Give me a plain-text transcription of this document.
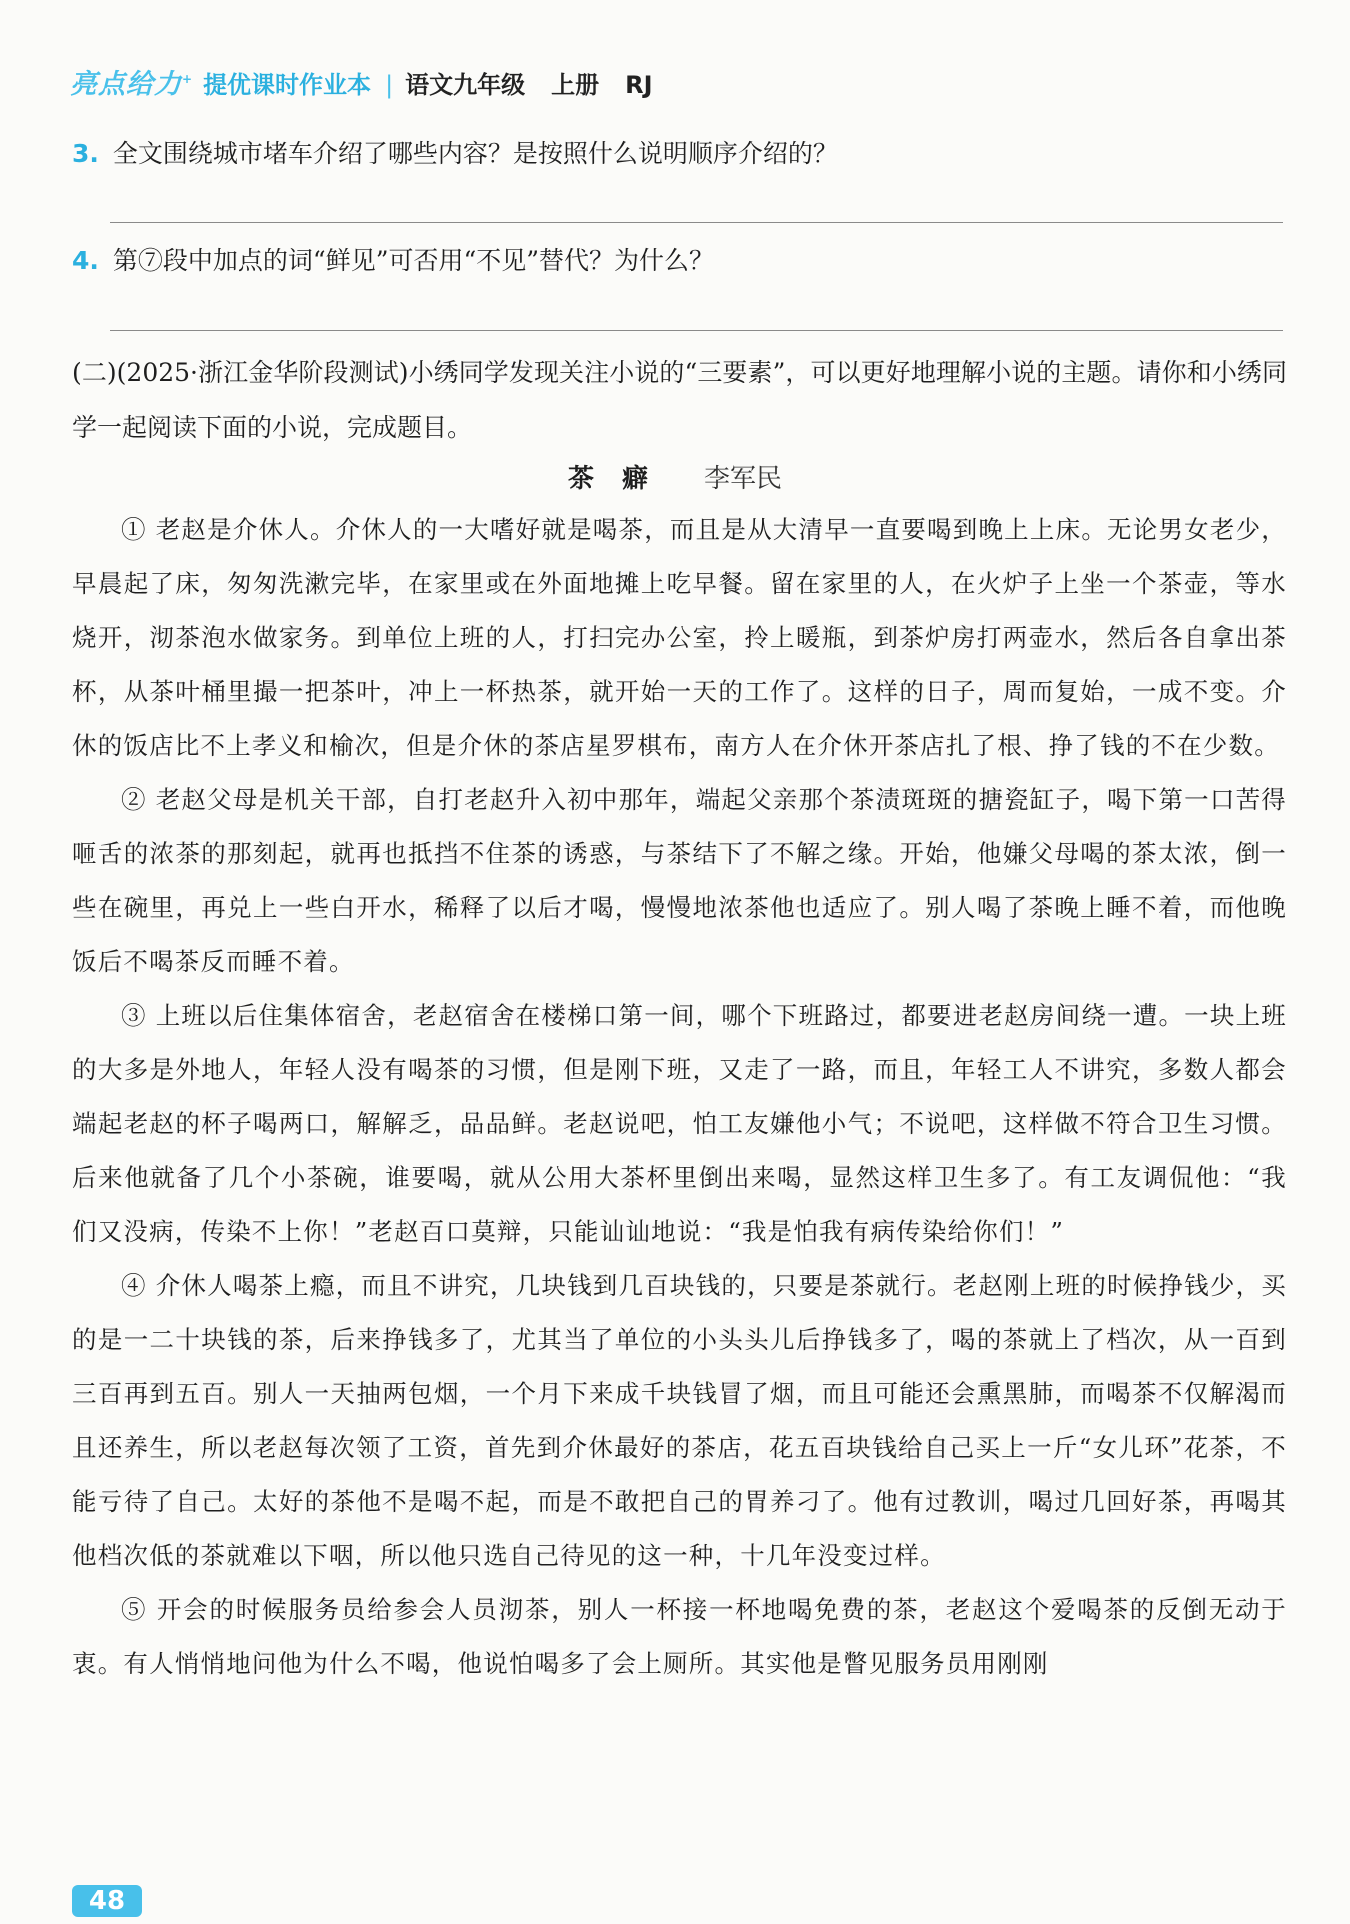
亮点给力+ 提优课时作业本 | 语文九年级 上册 RJ
3. 全文围绕城市堵车介绍了哪些内容？是按照什么说明顺序介绍的？
4. 第⑦段中加点的词“鲜见”可否用“不见”替代？为什么？
(二)(2025·浙江金华阶段测试)小绣同学发现关注小说的“三要素”，可以更好地理解小说的主题。请你和小绣同学一起阅读下面的小说，完成题目。
茶癖 李军民

① 老赵是介休人。介休人的一大嗜好就是喝茶，而且是从大清早一直要喝到晚上上床。无论男女老少，早晨起了床，匆匆洗漱完毕，在家里或在外面地摊上吃早餐。留在家里的人，在火炉子上坐一个茶壶，等水烧开，沏茶泡水做家务。到单位上班的人，打扫完办公室，拎上暖瓶，到茶炉房打两壶水，然后各自拿出茶杯，从茶叶桶里撮一把茶叶，冲上一杯热茶，就开始一天的工作了。这样的日子，周而复始，一成不变。介休的饭店比不上孝义和榆次，但是介休的茶店星罗棋布，南方人在介休开茶店扎了根、挣了钱的不在少数。

② 老赵父母是机关干部，自打老赵升入初中那年，端起父亲那个茶渍斑斑的搪瓷缸子，喝下第一口苦得咂舌的浓茶的那刻起，就再也抵挡不住茶的诱惑，与茶结下了不解之缘。开始，他嫌父母喝的茶太浓，倒一些在碗里，再兑上一些白开水，稀释了以后才喝，慢慢地浓茶他也适应了。别人喝了茶晚上睡不着，而他晚饭后不喝茶反而睡不着。

③ 上班以后住集体宿舍，老赵宿舍在楼梯口第一间，哪个下班路过，都要进老赵房间绕一遭。一块上班的大多是外地人，年轻人没有喝茶的习惯，但是刚下班，又走了一路，而且，年轻工人不讲究，多数人都会端起老赵的杯子喝两口，解解乏，品品鲜。老赵说吧，怕工友嫌他小气；不说吧，这样做不符合卫生习惯。后来他就备了几个小茶碗，谁要喝，就从公用大茶杯里倒出来喝，显然这样卫生多了。有工友调侃他：“我们又没病，传染不上你！”老赵百口莫辩，只能讪讪地说：“我是怕我有病传染给你们！”

④ 介休人喝茶上瘾，而且不讲究，几块钱到几百块钱的，只要是茶就行。老赵刚上班的时候挣钱少，买的是一二十块钱的茶，后来挣钱多了，尤其当了单位的小头头儿后挣钱多了，喝的茶就上了档次，从一百到三百再到五百。别人一天抽两包烟，一个月下来成千块钱冒了烟，而且可能还会熏黑肺，而喝茶不仅解渴而且还养生，所以老赵每次领了工资，首先到介休最好的茶店，花五百块钱给自己买上一斤“女儿环”花茶，不能亏待了自己。太好的茶他不是喝不起，而是不敢把自己的胃养刁了。他有过教训，喝过几回好茶，再喝其他档次低的茶就难以下咽，所以他只选自己待见的这一种，十几年没变过样。

⑤ 开会的时候服务员给参会人员沏茶，别人一杯接一杯地喝免费的茶，老赵这个爱喝茶的反倒无动于衷。有人悄悄地问他为什么不喝，他说怕喝多了会上厕所。其实他是瞥见服务员用刚刚

48
